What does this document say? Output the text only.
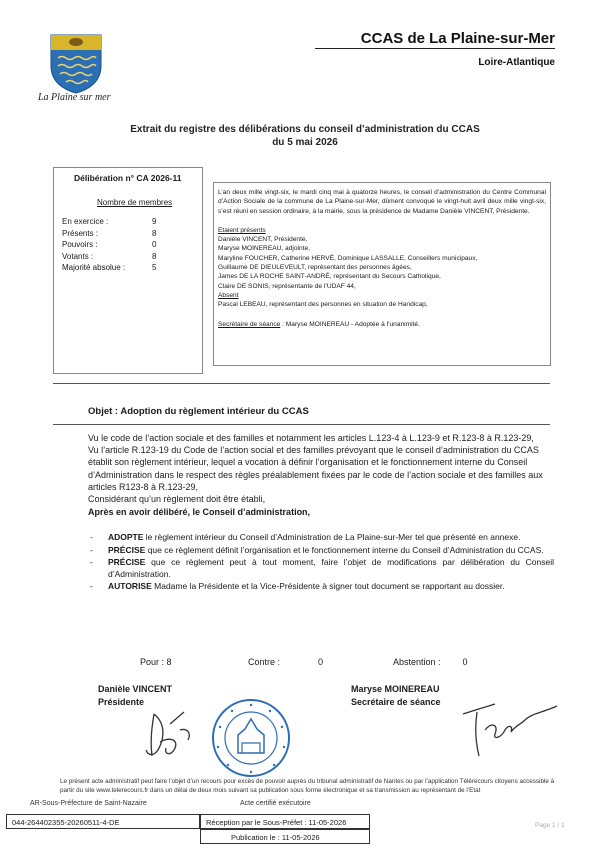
La Plaine sur mer
CCAS de La Plaine-sur-Mer
Loire-Atlantique
Extrait du registre des délibérations du conseil d’administration du CCAS
du 5 mai 2026
Délibération n° CA 2026-11
Nombre de membres
En exercice :	9
Présents :	8
Pouvoirs :	0
Votants :	8
Majorité absolue :	5
L’an deux mille vingt-six, le mardi cinq mai à quatorze heures, le conseil d’administration du Centre Communal d’Action Sociale de la commune de La Plaine-sur-Mer, dûment convoqué le vingt-huit avril deux mille vingt-six, s’est réuni en session ordinaire, à la mairie, sous la présidence de Madame Danièle VINCENT, Présidente.
Etaient présents
Danièle VINCENT, Présidente,
Maryse MOINEREAU, adjointe,
Maryline FOUCHER, Catherine HERVÉ, Dominique LASSALLE, Conseillers municipaux,
Guillaume DE DIEULEVEULT, représentant des personnes âgées,
James DE LA ROCHE SAINT-ANDRÉ, représentant du Secours Catholique,
Claire DE SONIS, représentante de l’UDAF 44,
Absent
Pascal LEBEAU, représentant des personnes en situation de Handicap,
Secrétaire de séance : Maryse MOINEREAU - Adoptée à l’unanimité.
Objet : Adoption du règlement intérieur du CCAS
Vu le code de l’action sociale et des familles et notamment les articles L.123-4 à L.123-9 et R.123-8 à R.123-29,
Vu l’article R.123-19 du Code de l’action social et des familles prévoyant que le conseil d’administration du CCAS établit son règlement intérieur, lequel a vocation à définir l’organisation et le fonctionnement interne du Conseil d’Administration dans le respect des règles préalablement fixées par le code de l’action sociale et des familles aux articles R123-8 à R.123-29,
Considérant qu’un règlement doit être établi,
Après en avoir délibéré, le Conseil d’administration,
-	ADOPTE le règlement intérieur du Conseil d’Administration de La Plaine-sur-Mer tel que présenté en annexe.
-	PRÉCISE que ce règlement définit l’organisation et le fonctionnement interne du Conseil d’Administration du CCAS.
-	PRÉCISE que ce règlement peut à tout moment, faire l’objet de modifications par délibération du Conseil d’Administration.
-	AUTORISE Madame la Présidente et la Vice-Présidente à signer tout document se rapportant au dossier.
Pour : 8	Contre :	0	Abstention : 0
Danièle VINCENT
Présidente
Maryse MOINEREAU
Secrétaire de séance
Le présent acte administratif peut faire l’objet d’un recours pour excès de pouvoir auprès du tribunal administratif de Nantes ou par l’application Télérecours citoyens accessible à partir du site www.telerecours.fr dans un délai de deux mois suivant sa publication sous forme électronique et sa transmission au représentant de l’Etat
AR-Sous-Préfecture de Saint-Nazaire	Acte certifié exécutoire
044-264402355-20260511-4-DE	Réception par le Sous-Préfet : 11-05-2026
Publication le : 11-05-2026
Page 1 / 1
